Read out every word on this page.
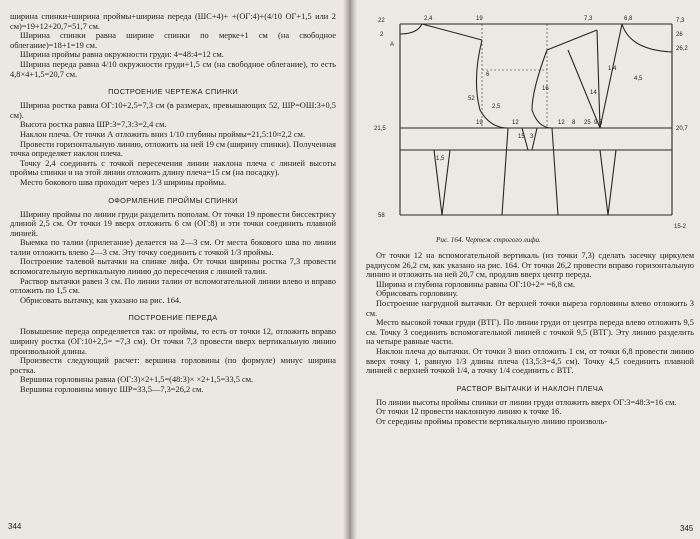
ширина спинки+ширина проймы+ширина переда (ШС+4)+ +(ОГ:4)+(4/10 ОГ+1,5 или 2 см)=19+12+20,7=51,7 см.

Ширина спинки равна ширине спинки по мерке+1 см (на свободное облегание)=18+1=19 см.

Ширина проймы равна окружности груди: 4=48:4=12 см.

Ширина переда равна 4/10 окружности груди+1,5 см (на свободное облегание), то есть 4,8×4+1,5=20,7 см.

ПОСТРОЕНИЕ ЧЕРТЕЖА СПИНКИ

Ширина ростка равна ОГ:10+2,5=7,3 см (в размерах, превышающих 52, ШР=ОШ:3+0,5 см).

Высота ростка равна ШР:3=7,3:3=2,4 см.

Наклон плеча. От точки А отложить вниз 1/10 глубины проймы=21,5:10≈2,2 см.

Провести горизонтальную линию, отложить на ней 19 см (ширину спинки). Полученная точка определяет наклон плеча.

Точку 2,4 соединить с точкой пересечения линии наклона плеча с линией высоты проймы спинки и на этой линии отложить длину плеча=15 см (на посадку).

Место бокового шва проходит через 1/3 ширины проймы.

ОФОРМЛЕНИЕ ПРОЙМЫ СПИНКИ

Ширину проймы по линии груди разделить пополам. От точки 19 провести биссектрису длиной 2,5 см. От точки 19 вверх отложить 6 см (ОГ:8) и эти точки соединить плавной линией.

Выемка по талии (прилегание) делается на 2—3 см. От места бокового шва по линии талии отложить влево 2—3 см. Эту точку соединить с точкой 1/3 проймы.

Построение талевой вытачки на спинке лифа. От точки ширины ростка 7,3 провести вспомогательную вертикальную линию до пересечения с линией талии.

Раствор вытачки равен 3 см. По линии талии от вспомогательной линии влево и вправо отложить по 1,5 см.

Обрисовать вытачку, как указано на рис. 164.

ПОСТРОЕНИЕ ПЕРЕДА

Повышение переда определяется так: от проймы, то есть от точки 12, отложить вправо ширину ростка (ОГ:10+2,5= =7,3 см). От точки 7,3 провести вверх вертикальную линию произвольной длины.

Произвести следующий расчет: вершина горловины (по формуле) минус ширина ростка.

Вершина горловины равна (ОГ:3)×2+1,5=(48:3)× ×2+1,5=33,5 см.

Вершина горловины минус ШР=33,5—7,3=26,2 см.

344
22
2
A
21,5
58
2,4	19	7,3	6,8
19
6
12
1,4
4,5
52
2,5
15 3
1,5
12 8 25 9,5
14
16
7,3
26
26,2
20,7
15-2
Рис. 164. Чертеж строгого лифа.

От точки 12 на вспомогательной вертикаль (из точки 7,3) сделать засечку циркулем радиусом 26,2 см, как указано на рис. 164. От точки 26,2 провести вправо горизонтальную линию и отложить на ней 20,7 см, продлив вверх центр переда.

Ширина и глубина горловины равны ОГ:10+2= =6,8 см.

Обрисовать горловину.

Построение нагрудной вытачки. От верхней точки выреза горловины влево отложить 3 см.

Место высокой точки груди (ВТГ). По линии груди от центра переда влево отложить 9,5 см. Точку 3 соединить вспомогательной линией с точкой 9,5 (ВТГ). Эту линию разделить на четыре равные части.

Наклон плеча до вытачки. От точки 3 вниз отложить 1 см, от точки 6,8 провести линию вверх точку 1, равную 1/3 длины плеча (13,5:3=4,5 см). Точку 4,5 соединить плавной линией с верхней точкой 1/4, а точку 1/4 соединить с ВТГ.

РАСТВОР ВЫТАЧКИ И НАКЛОН ПЛЕЧА

По линии высоты проймы спинки от линии груди отложить вверх ОГ:3=48:3=16 см.

От точки 12 провести наклонную линию к точке 16.

От середины проймы провести вертикальную линию произволь-

345
